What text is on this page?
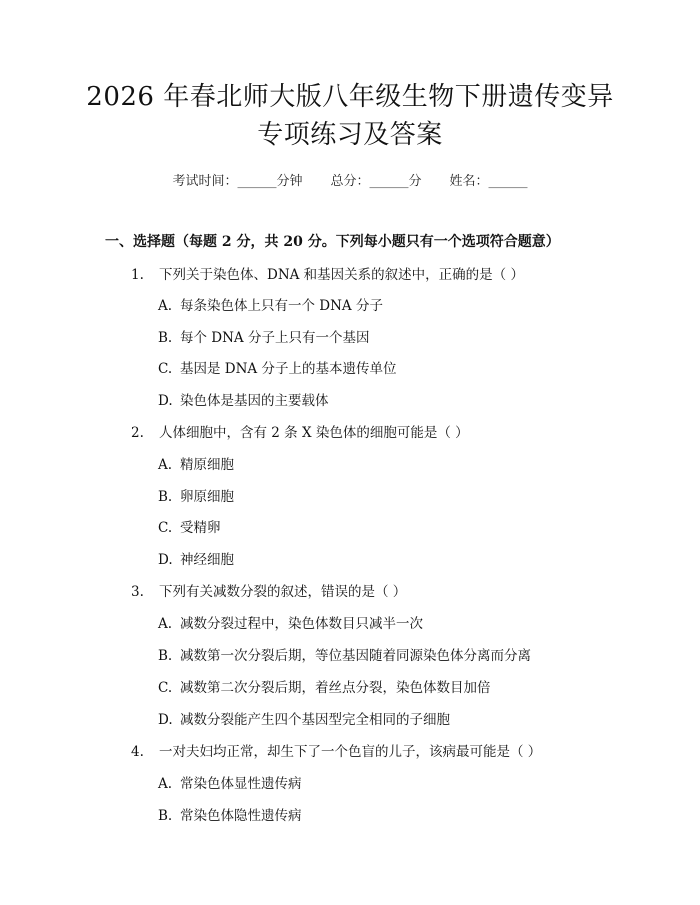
2026 年春北师大版八年级生物下册遗传变异
专项练习及答案
考试时间：______分钟 总分：______分 姓名：______
一、选择题（每题 2 分，共 20 分。下列每小题只有一个选项符合题意）
1. 下列关于染色体、DNA 和基因关系的叙述中，正确的是（ ）
A. 每条染色体上只有一个 DNA 分子
B. 每个 DNA 分子上只有一个基因
C. 基因是 DNA 分子上的基本遗传单位
D. 染色体是基因的主要载体
2. 人体细胞中，含有 2 条 X 染色体的细胞可能是（ ）
A. 精原细胞
B. 卵原细胞
C. 受精卵
D. 神经细胞
3. 下列有关减数分裂的叙述，错误的是（ ）
A. 减数分裂过程中，染色体数目只减半一次
B. 减数第一次分裂后期，等位基因随着同源染色体分离而分离
C. 减数第二次分裂后期，着丝点分裂，染色体数目加倍
D. 减数分裂能产生四个基因型完全相同的子细胞
4. 一对夫妇均正常，却生下了一个色盲的儿子，该病最可能是（ ）
A. 常染色体显性遗传病
B. 常染色体隐性遗传病
